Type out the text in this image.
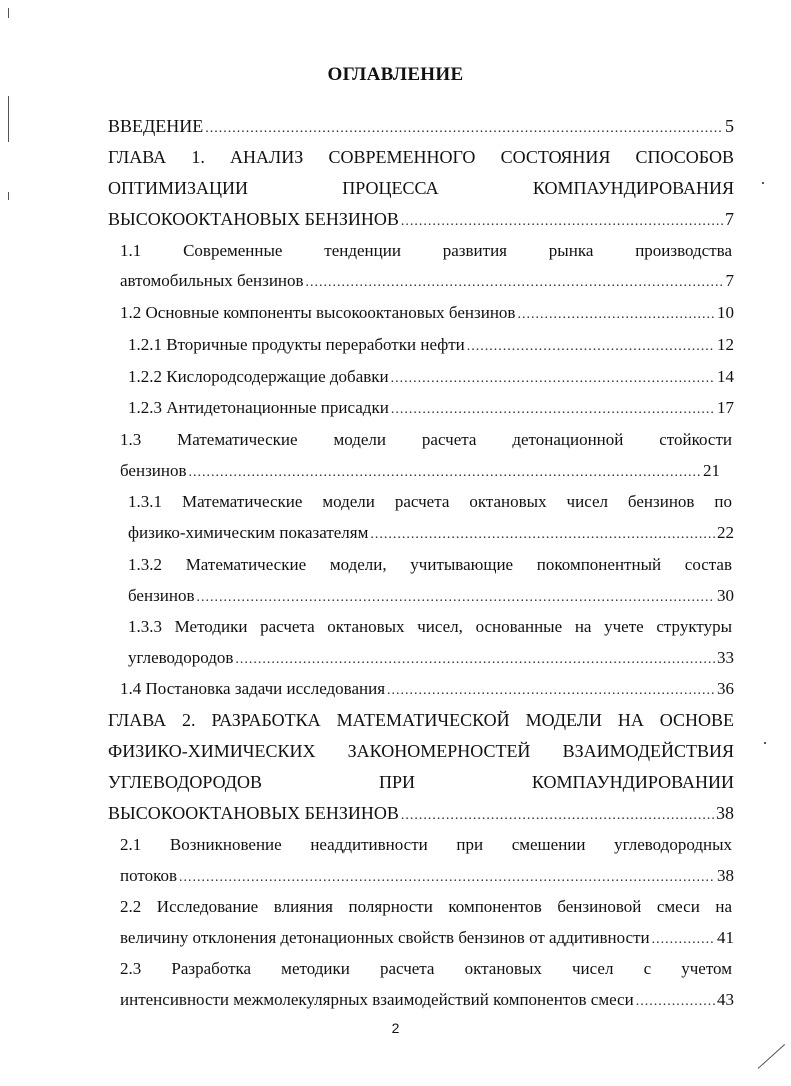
ОГЛАВЛЕНИЕ
ВВЕДЕНИЕ .....	5
ГЛАВА 1. АНАЛИЗ СОВРЕМЕННОГО СОСТОЯНИЯ СПОСОБОВ
ОПТИМИЗАЦИИ ПРОЦЕССА КОМПАУНДИРОВАНИЯ
ВЫСОКООКТАНОВЫХ БЕНЗИНОВ .....	7
1.1 Современные тенденции развития рынка производства
автомобильных бензинов .....	7
1.2 Основные компоненты высокооктановых бензинов .....	10
1.2.1 Вторичные продукты переработки нефти .....	12
1.2.2 Кислородсодержащие добавки .....	14
1.2.3 Антидетонационные присадки .....	17
1.3 Математические модели расчета детонационной стойкости
бензинов .....	21
1.3.1 Математические модели расчета октановых чисел бензинов по
физико-химическим показателям .....	22
1.3.2 Математические модели, учитывающие покомпонентный состав
бензинов .....	30
1.3.3 Методики расчета октановых чисел, основанные на учете структуры
углеводородов .....	33
1.4 Постановка задачи исследования .....	36
ГЛАВА 2. РАЗРАБОТКА МАТЕМАТИЧЕСКОЙ МОДЕЛИ НА ОСНОВЕ
ФИЗИКО-ХИМИЧЕСКИХ ЗАКОНОМЕРНОСТЕЙ ВЗАИМОДЕЙСТВИЯ
УГЛЕВОДОРОДОВ ПРИ КОМПАУНДИРОВАНИИ
ВЫСОКООКТАНОВЫХ БЕНЗИНОВ .....	38
2.1 Возникновение неаддитивности при смешении углеводородных
потоков .....	38
2.2 Исследование влияния полярности компонентов бензиновой смеси на
величину отклонения детонационных свойств бензинов от аддитивности .....	41
2.3 Разработка методики расчета октановых чисел с учетом
интенсивности межмолекулярных взаимодействий компонентов смеси .....	43
2
